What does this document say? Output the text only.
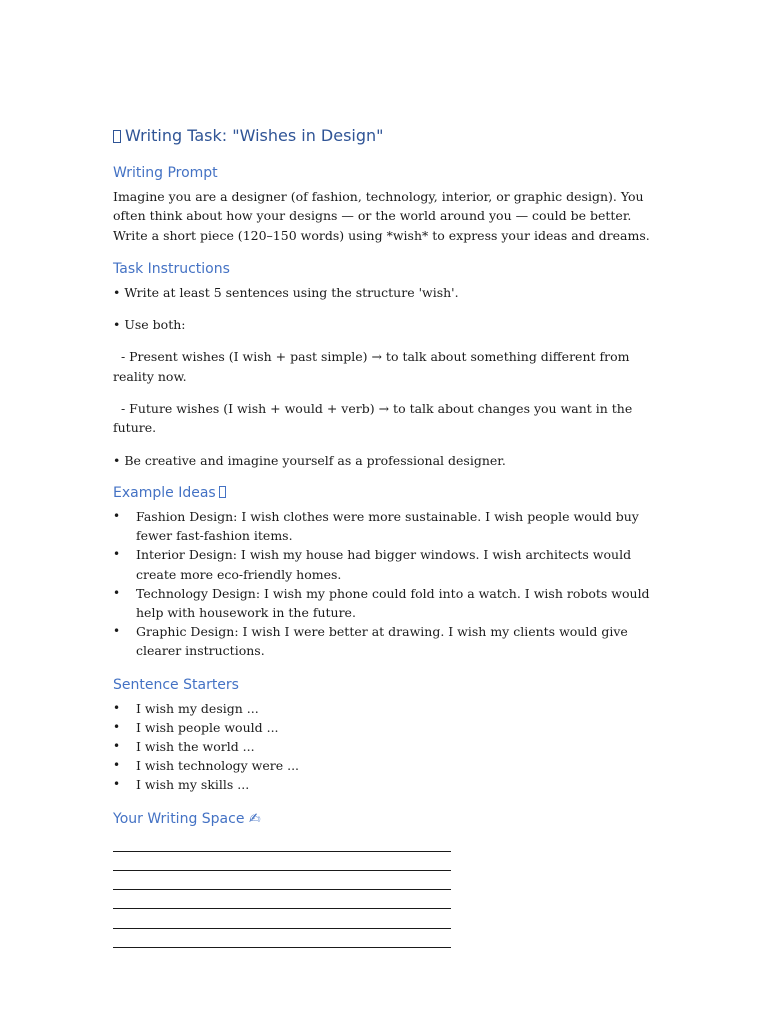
Writing Task: "Wishes in Design"
Writing Prompt
Imagine you are a designer (of fashion, technology, interior, or graphic design). You often think about how your designs — or the world around you — could be better. Write a short piece (120–150 words) using *wish* to express your ideas and dreams.
Task Instructions
• Write at least 5 sentences using the structure 'wish'.
• Use both:
- Present wishes (I wish + past simple) → to talk about something different from reality now.
- Future wishes (I wish + would + verb) → to talk about changes you want in the future.
• Be creative and imagine yourself as a professional designer.
Example Ideas
• Fashion Design: I wish clothes were more sustainable. I wish people would buy fewer fast-fashion items.
• Interior Design: I wish my house had bigger windows. I wish architects would create more eco-friendly homes.
• Technology Design: I wish my phone could fold into a watch. I wish robots would help with housework in the future.
• Graphic Design: I wish I were better at drawing. I wish my clients would give clearer instructions.
Sentence Starters
• I wish my design ...
• I wish people would ...
• I wish the world ...
• I wish technology were ...
• I wish my skills ...
Your Writing Space ✍
